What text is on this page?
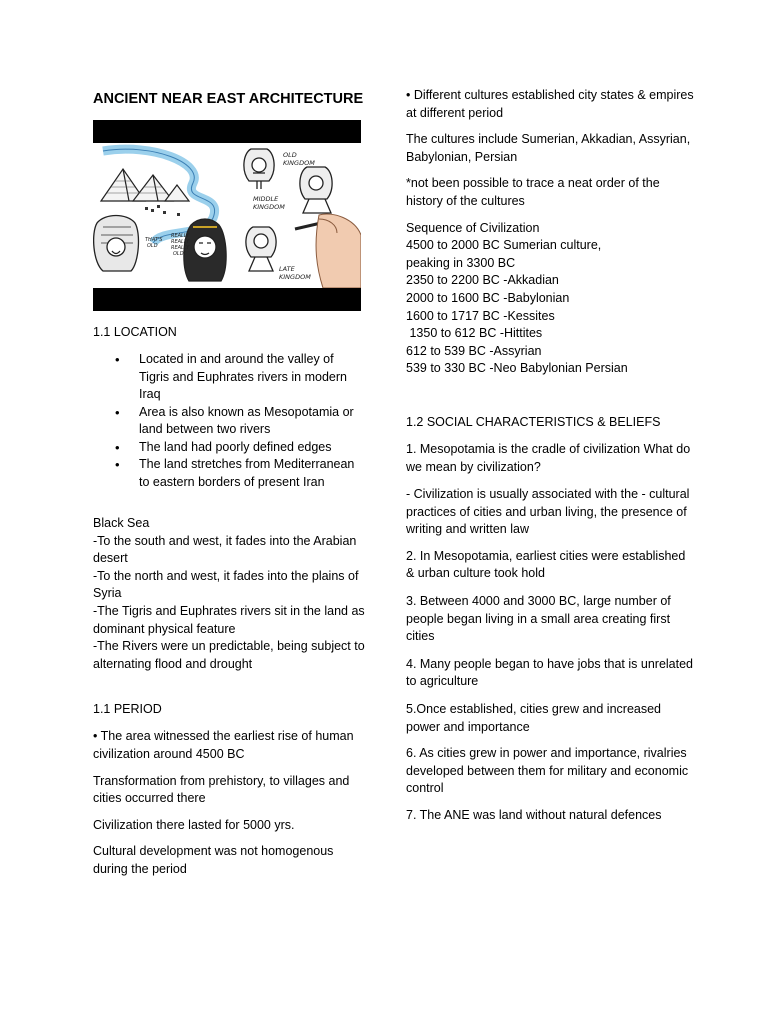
ANCIENT NEAR EAST ARCHITECTURE
OLD
KINGDOM
MIDDLE
KINGDOM
LATE
KINGDOM
THAT'S
OLD
REALLY
REALLY
REALLY
OLD!
1.1 LOCATION
• Located in and around the valley of Tigris and Euphrates rivers in modern Iraq
• Area is also known as Mesopotamia or land between two rivers
• The land had poorly defined edges
• The land stretches from Mediterranean to eastern borders of present Iran
Black Sea
-To the south and west, it fades into the Arabian desert
-To the north and west, it fades into the plains of Syria
-The Tigris and Euphrates rivers sit in the land as dominant physical feature
-The Rivers were un predictable, being subject to alternating flood and drought
1.1 PERIOD

• The area witnessed the earliest rise of human civilization around 4500 BC

Transformation from prehistory, to villages and cities occurred there

Civilization there lasted for 5000 yrs.

Cultural development was not homogenous during the period

• Different cultures established city states & empires at different period

The cultures include Sumerian, Akkadian, Assyrian, Babylonian, Persian

*not been possible to trace a neat order of the history of the cultures

Sequence of Civilization

4500 to 2000 BC Sumerian culture,

peaking in 3300 BC

2350 to 2200 BC -Akkadian

2000 to 1600 BC -Babylonian

1600 to 1717 BC -Kessites

1350 to 612 BC -Hittites

612 to 539 BC -Assyrian

539 to 330 BC -Neo Babylonian Persian

1.2 SOCIAL CHARACTERISTICS & BELIEFS

1. Mesopotamia is the cradle of civilization What do we mean by civilization?

- Civilization is usually associated with the - cultural practices of cities and urban living, the presence of writing and written law

2. In Mesopotamia, earliest cities were established & urban culture took hold

3. Between 4000 and 3000 BC, large number of people began living in a small area creating first cities

4. Many people began to have jobs that is unrelated to agriculture

5.Once established, cities grew and increased power and importance

6. As cities grew in power and importance, rivalries developed between them for military and economic control

7. The ANE was land without natural defences
